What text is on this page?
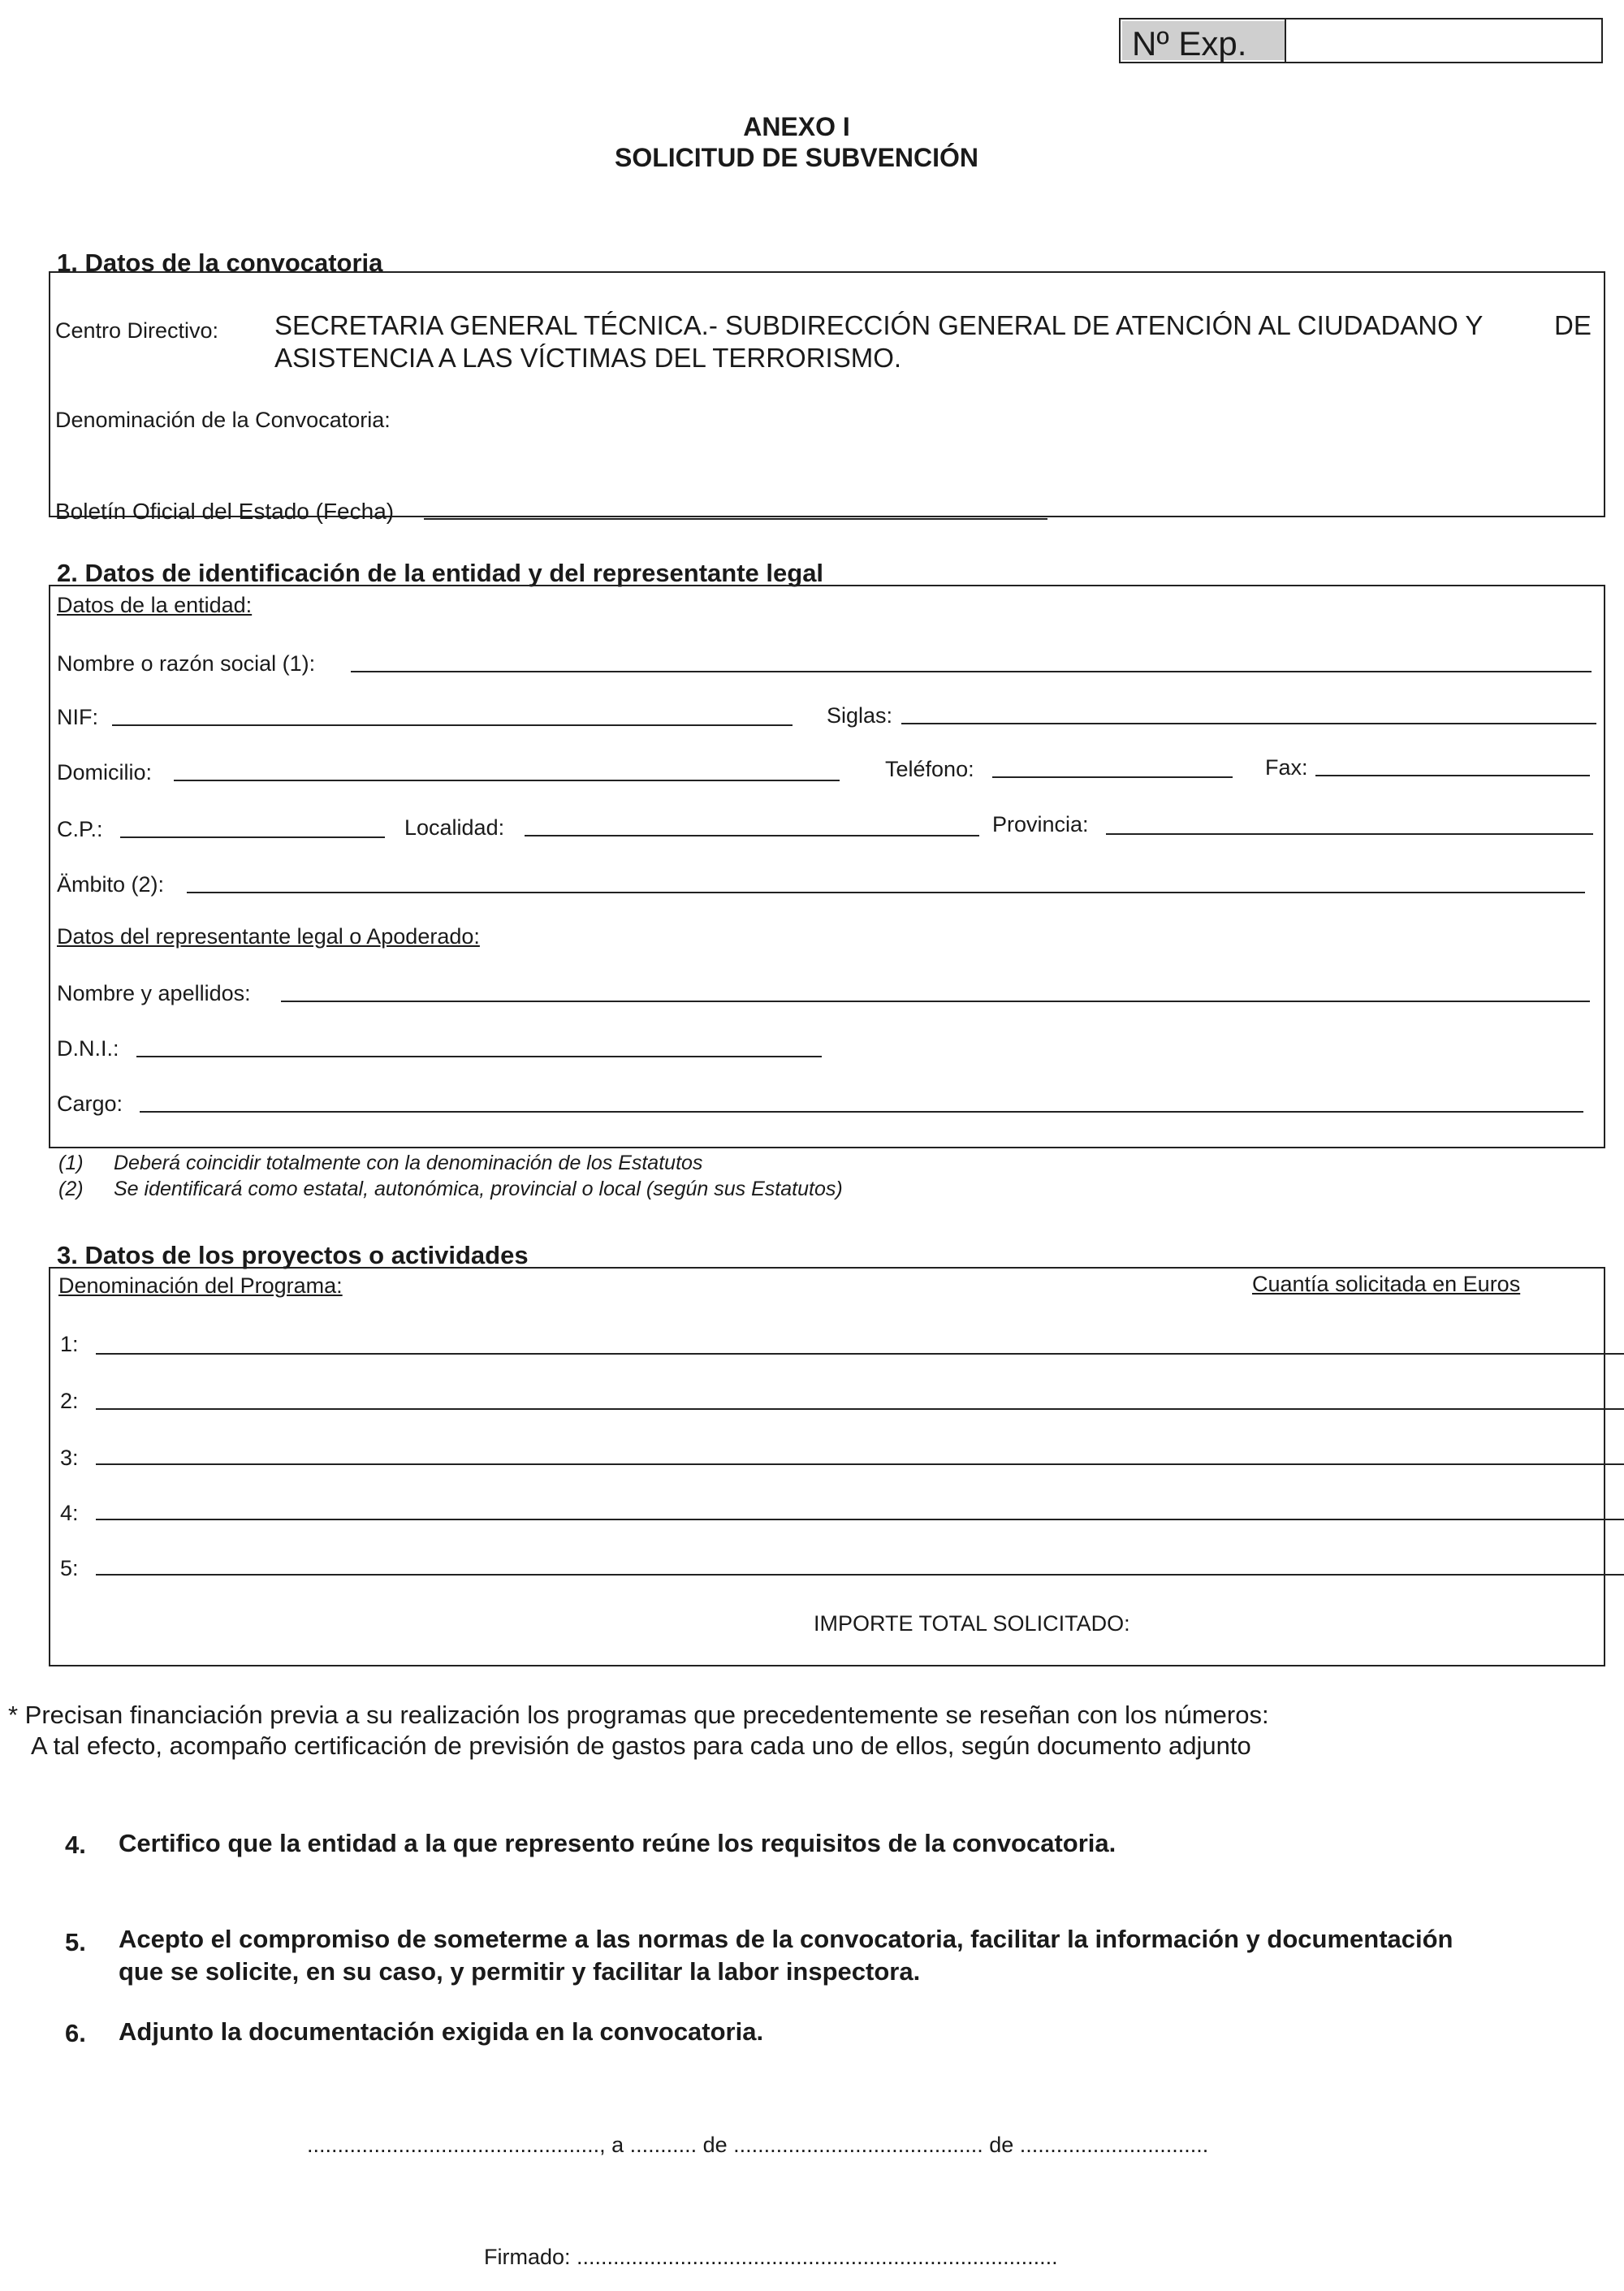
Nº Exp.
ANEXO I
SOLICITUD DE SUBVENCIÓN
1. Datos de la convocatoria
Centro Directivo: SECRETARIA GENERAL TÉCNICA.- SUBDIRECCIÓN GENERAL DE ATENCIÓN AL CIUDADANO Y	DE
ASISTENCIA A LAS VÍCTIMAS DEL TERRORISMO.
Denominación de la Convocatoria:
Boletín Oficial del Estado (Fecha)
2. Datos de identificación de la entidad y del representante legal
Datos de la entidad:
Nombre o razón social (1):
NIF:	Siglas:
Domicilio:	Teléfono:	Fax:
C.P.:	Localidad:	Provincia:
Ämbito (2):
Datos del representante legal o Apoderado:
Nombre y apellidos:
D.N.I.:
Cargo:
(1) Deberá coincidir totalmente con la denominación de los Estatutos
(2) Se identificará como estatal, autonómica, provincial o local (según sus Estatutos)
3. Datos de los proyectos o actividades
Denominación del Programa:	Cuantía solicitada en Euros
1:
2:
3:
4:
5:
IMPORTE TOTAL SOLICITADO:
* Precisan financiación previa a su realización los programas que precedentemente se reseñan con los números:
A tal efecto, acompaño certificación de previsión de gastos para cada uno de ellos, según documento adjunto
4. Certifico que la entidad a la que represento reúne los requisitos de la convocatoria.
5. Acepto el compromiso de someterme a las normas de la convocatoria, facilitar la información y documentación
que se solicite, en su caso, y permitir y facilitar la labor inspectora.
6. Adjunto la documentación exigida en la convocatoria.
................................................, a ........... de ......................................... de ...............................
Firmado: ...............................................................................
